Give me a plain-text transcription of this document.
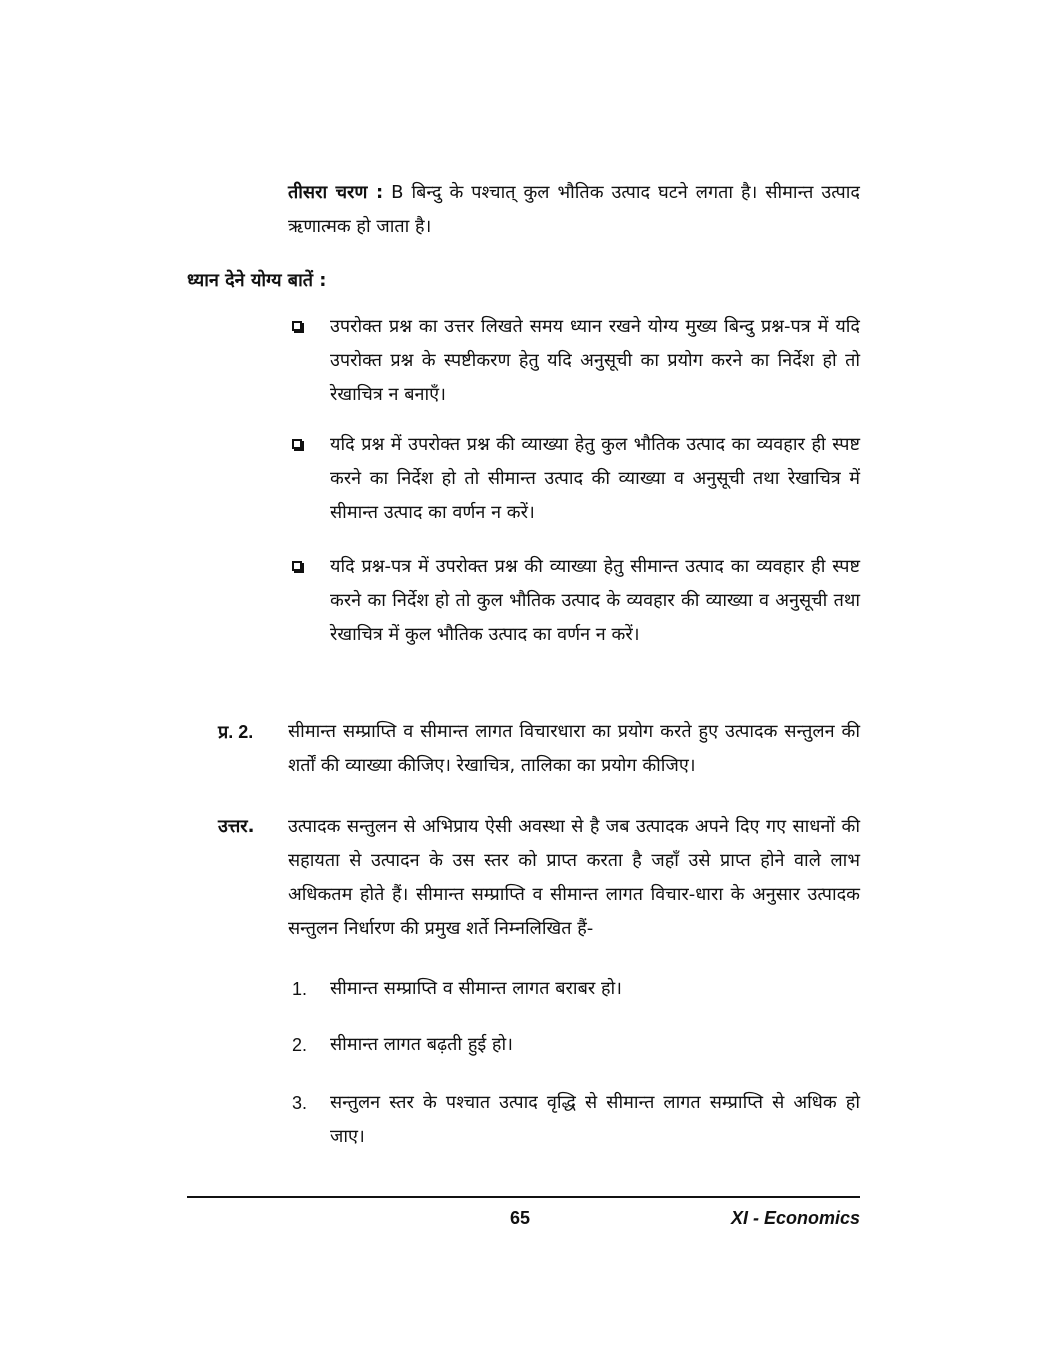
तीसरा चरण : B बिन्दु के पश्चात् कुल भौतिक उत्पाद घटने लगता है। सीमान्त उत्पाद ऋणात्मक हो जाता है।

ध्यान देने योग्य बातें :

उपरोक्त प्रश्न का उत्तर लिखते समय ध्यान रखने योग्य मुख्य बिन्दु प्रश्न-पत्र में यदि उपरोक्त प्रश्न के स्पष्टीकरण हेतु यदि अनुसूची का प्रयोग करने का निर्देश हो तो रेखाचित्र न बनाएँ।

यदि प्रश्न में उपरोक्त प्रश्न की व्याख्या हेतु कुल भौतिक उत्पाद का व्यवहार ही स्पष्ट करने का निर्देश हो तो सीमान्त उत्पाद की व्याख्या व अनुसूची तथा रेखाचित्र में सीमान्त उत्पाद का वर्णन न करें।

यदि प्रश्न-पत्र में उपरोक्त प्रश्न की व्याख्या हेतु सीमान्त उत्पाद का व्यवहार ही स्पष्ट करने का निर्देश हो तो कुल भौतिक उत्पाद के व्यवहार की व्याख्या व अनुसूची तथा रेखाचित्र में कुल भौतिक उत्पाद का वर्णन न करें।

प्र. 2. सीमान्त सम्प्राप्ति व सीमान्त लागत विचारधारा का प्रयोग करते हुए उत्पादक सन्तुलन की शर्तों की व्याख्या कीजिए। रेखाचित्र, तालिका का प्रयोग कीजिए।

उत्तर. उत्पादक सन्तुलन से अभिप्राय ऐसी अवस्था से है जब उत्पादक अपने दिए गए साधनों की सहायता से उत्पादन के उस स्तर को प्राप्त करता है जहाँ उसे प्राप्त होने वाले लाभ अधिकतम होते हैं। सीमान्त सम्प्राप्ति व सीमान्त लागत विचार-धारा के अनुसार उत्पादक सन्तुलन निर्धारण की प्रमुख शर्ते निम्नलिखित हैं-

1. सीमान्त सम्प्राप्ति व सीमान्त लागत बराबर हो।

2. सीमान्त लागत बढ़ती हुई हो।

3. सन्तुलन स्तर के पश्चात उत्पाद वृद्धि से सीमान्त लागत सम्प्राप्ति से अधिक हो जाए।

65	XI - Economics
